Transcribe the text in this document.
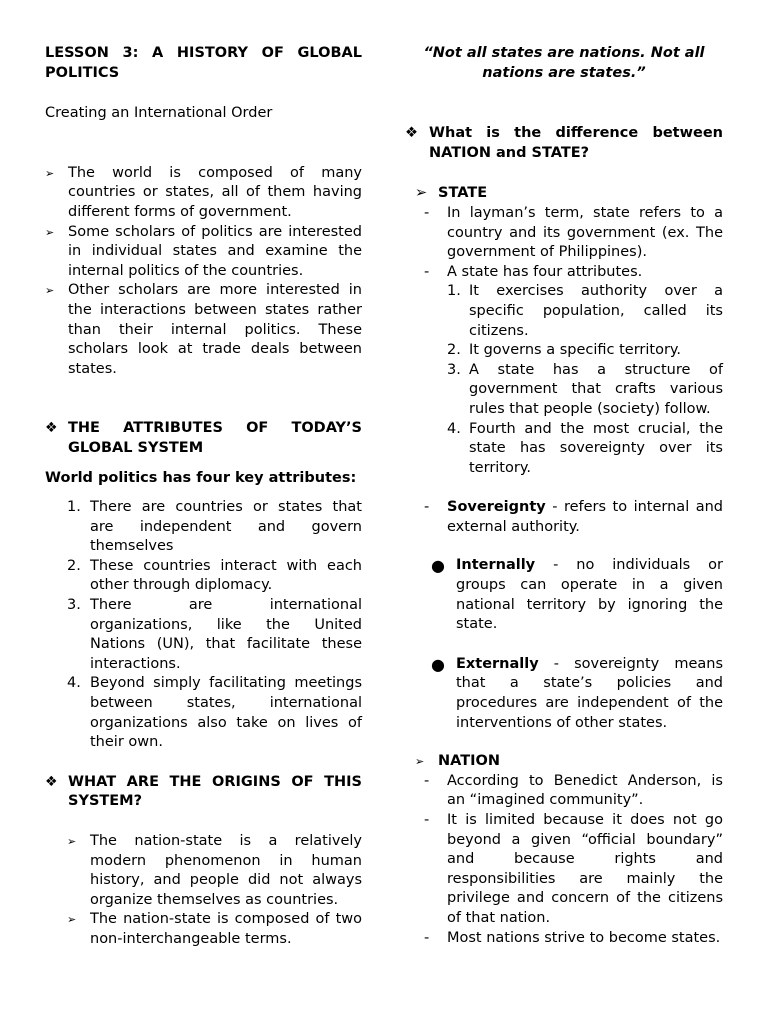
LESSON 3: A HISTORY OF GLOBAL POLITICS

Creating an International Order

➢ The world is composed of many countries or states, all of them having different forms of government.
➢ Some scholars of politics are interested in individual states and examine the internal politics of the countries.
➢ Other scholars are more interested in the interactions between states rather than their internal politics. These scholars look at trade deals between states.
❖ THE ATTRIBUTES OF TODAY’S GLOBAL SYSTEM

World politics has four key attributes:

1. There are countries or states that are independent and govern themselves
2. These countries interact with each other through diplomacy.
3. There are international organizations, like the United Nations (UN), that facilitate these interactions.
4. Beyond simply facilitating meetings between states, international organizations also take on lives of their own.
❖ WHAT ARE THE ORIGINS OF THIS SYSTEM?
➢ The nation-state is a relatively modern phenomenon in human history, and people did not always organize themselves as countries.
➢ The nation-state is composed of two non-interchangeable terms.

“Not all states are nations. Not all nations are states.”

❖ What is the difference between NATION and STATE?
➢ STATE
- In layman’s term, state refers to a country and its government (ex. The government of Philippines).
- A state has four attributes.
1. It exercises authority over a specific population, called its citizens.
2. It governs a specific territory.
3. A state has a structure of government that crafts various rules that people (society) follow.
4. Fourth and the most crucial, the state has sovereignty over its territory.
- Sovereignty - refers to internal and external authority.
● Internally - no individuals or groups can operate in a given national territory by ignoring the state.
● Externally - sovereignty means that a state’s policies and procedures are independent of the interventions of other states.
➢ NATION
- According to Benedict Anderson, is an “imagined community”.
- It is limited because it does not go beyond a given “official boundary” and because rights and responsibilities are mainly the privilege and concern of the citizens of that nation.
- Most nations strive to become states.
